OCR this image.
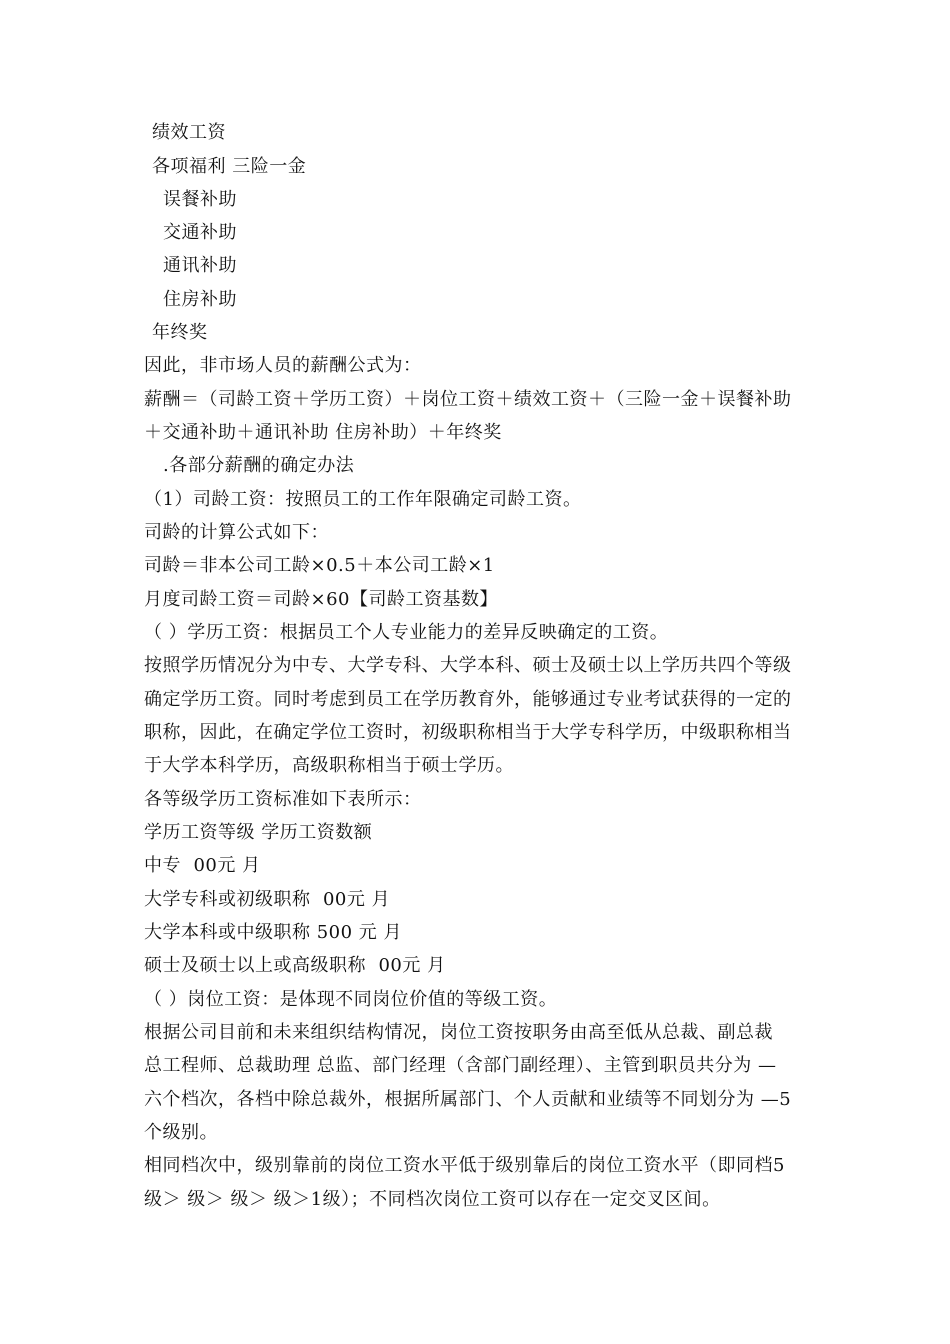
绩效工资
各项福利 三险一金
误餐补助
交通补助
通讯补助
住房补助
年终奖
因此，非市场人员的薪酬公式为：
薪酬＝（司龄工资＋学历工资）＋岗位工资＋绩效工资＋（三险一金＋误餐补助
＋交通补助＋通讯补助 住房补助）＋年终奖
.各部分薪酬的确定办法
（1）司龄工资：按照员工的工作年限确定司龄工资。
司龄的计算公式如下：
司龄＝非本公司工龄×0.5＋本公司工龄×1
月度司龄工资＝司龄×60【司龄工资基数】
（ ）学历工资：根据员工个人专业能力的差异反映确定的工资。
按照学历情况分为中专、大学专科、大学本科、硕士及硕士以上学历共四个等级
确定学历工资。同时考虑到员工在学历教育外，能够通过专业考试获得的一定的
职称，因此，在确定学位工资时，初级职称相当于大学专科学历，中级职称相当
于大学本科学历，高级职称相当于硕士学历。
各等级学历工资标准如下表所示：
学历工资等级 学历工资数额
中专  00元 月
大学专科或初级职称  00元 月
大学本科或中级职称 500 元 月
硕士及硕士以上或高级职称  00元 月
（ ）岗位工资：是体现不同岗位价值的等级工资。
根据公司目前和未来组织结构情况，岗位工资按职务由高至低从总裁、副总裁
总工程师、总裁助理 总监、部门经理（含部门副经理）、主管到职员共分为 —
六个档次，各档中除总裁外，根据所属部门、个人贡献和业绩等不同划分为 —5
个级别。
相同档次中，级别靠前的岗位工资水平低于级别靠后的岗位工资水平（即同档5
级＞ 级＞ 级＞ 级＞1级）；不同档次岗位工资可以存在一定交叉区间。
